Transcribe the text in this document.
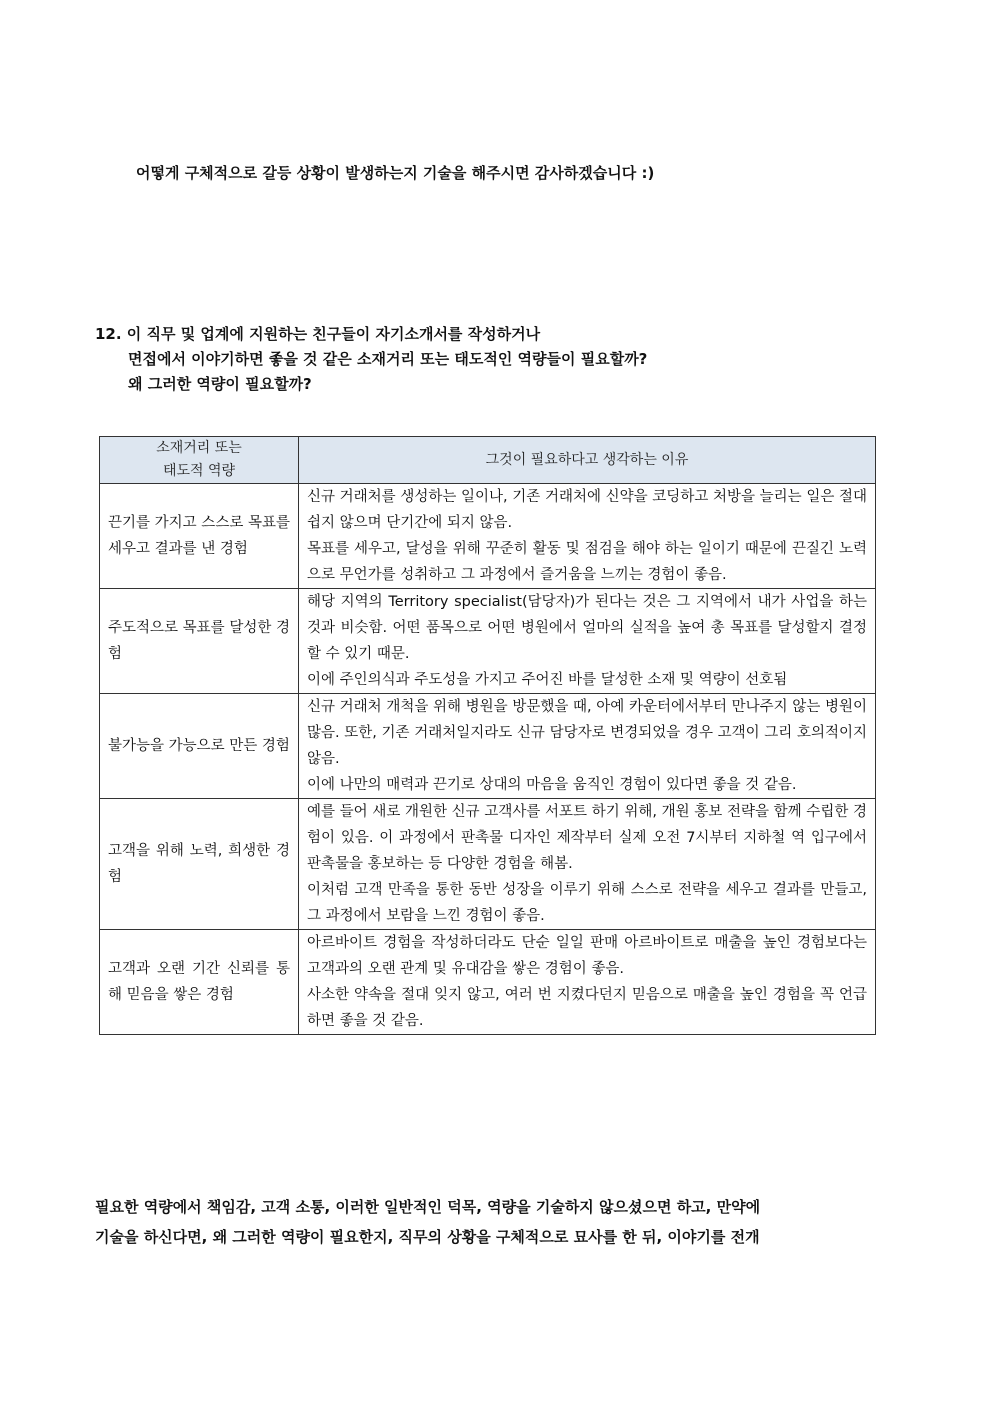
어떻게 구체적으로 갈등 상황이 발생하는지 기술을 해주시면 감사하겠습니다 :)
12. 이 직무 및 업계에 지원하는 친구들이 자기소개서를 작성하거나
면접에서 이야기하면 좋을 것 같은 소재거리 또는 태도적인 역량들이 필요할까?
왜 그러한 역량이 필요할까?
소재거리 또는
태도적 역량	그것이 필요하다고 생각하는 이유
끈기를 가지고 스스로 목표를 세우고 결과를 낸 경험	신규 거래처를 생성하는 일이나, 기존 거래처에 신약을 코딩하고 처방을 늘리는 일은 절대 쉽지 않으며 단기간에 되지 않음.
목표를 세우고, 달성을 위해 꾸준히 활동 및 점검을 해야 하는 일이기 때문에 끈질긴 노력으로 무언가를 성취하고 그 과정에서 즐거움을 느끼는 경험이 좋음.

주도적으로 목표를 달성한 경험	해당 지역의 Territory specialist(담당자)가 된다는 것은 그 지역에서 내가 사업을 하는 것과 비슷함. 어떤 품목으로 어떤 병원에서 얼마의 실적을 높여 총 목표를 달성할지 결정할 수 있기 때문.
이에 주인의식과 주도성을 가지고 주어진 바를 달성한 소재 및 역량이 선호됨

불가능을 가능으로 만든 경험	신규 거래처 개척을 위해 병원을 방문했을 때, 아예 카운터에서부터 만나주지 않는 병원이 많음. 또한, 기존 거래처일지라도 신규 담당자로 변경되었을 경우 고객이 그리 호의적이지 않음.
이에 나만의 매력과 끈기로 상대의 마음을 움직인 경험이 있다면 좋을 것 같음.

고객을 위해 노력, 희생한 경험	예를 들어 새로 개원한 신규 고객사를 서포트 하기 위해, 개원 홍보 전략을 함께 수립한 경험이 있음. 이 과정에서 판촉물 디자인 제작부터 실제 오전 7시부터 지하철 역 입구에서 판촉물을 홍보하는 등 다양한 경험을 해봄.
이처럼 고객 만족을 통한 동반 성장을 이루기 위해 스스로 전략을 세우고 결과를 만들고, 그 과정에서 보람을 느낀 경험이 좋음.

고객과 오랜 기간 신뢰를 통해 믿음을 쌓은 경험	아르바이트 경험을 작성하더라도 단순 일일 판매 아르바이트로 매출을 높인 경험보다는 고객과의 오랜 관계 및 유대감을 쌓은 경험이 좋음.
사소한 약속을 절대 잊지 않고, 여러 번 지켰다던지 믿음으로 매출을 높인 경험을 꼭 언급하면 좋을 것 같음.
필요한 역량에서 책임감, 고객 소통, 이러한 일반적인 덕목, 역량을 기술하지 않으셨으면 하고, 만약에
기술을 하신다면, 왜 그러한 역량이 필요한지, 직무의 상황을 구체적으로 묘사를 한 뒤, 이야기를 전개
